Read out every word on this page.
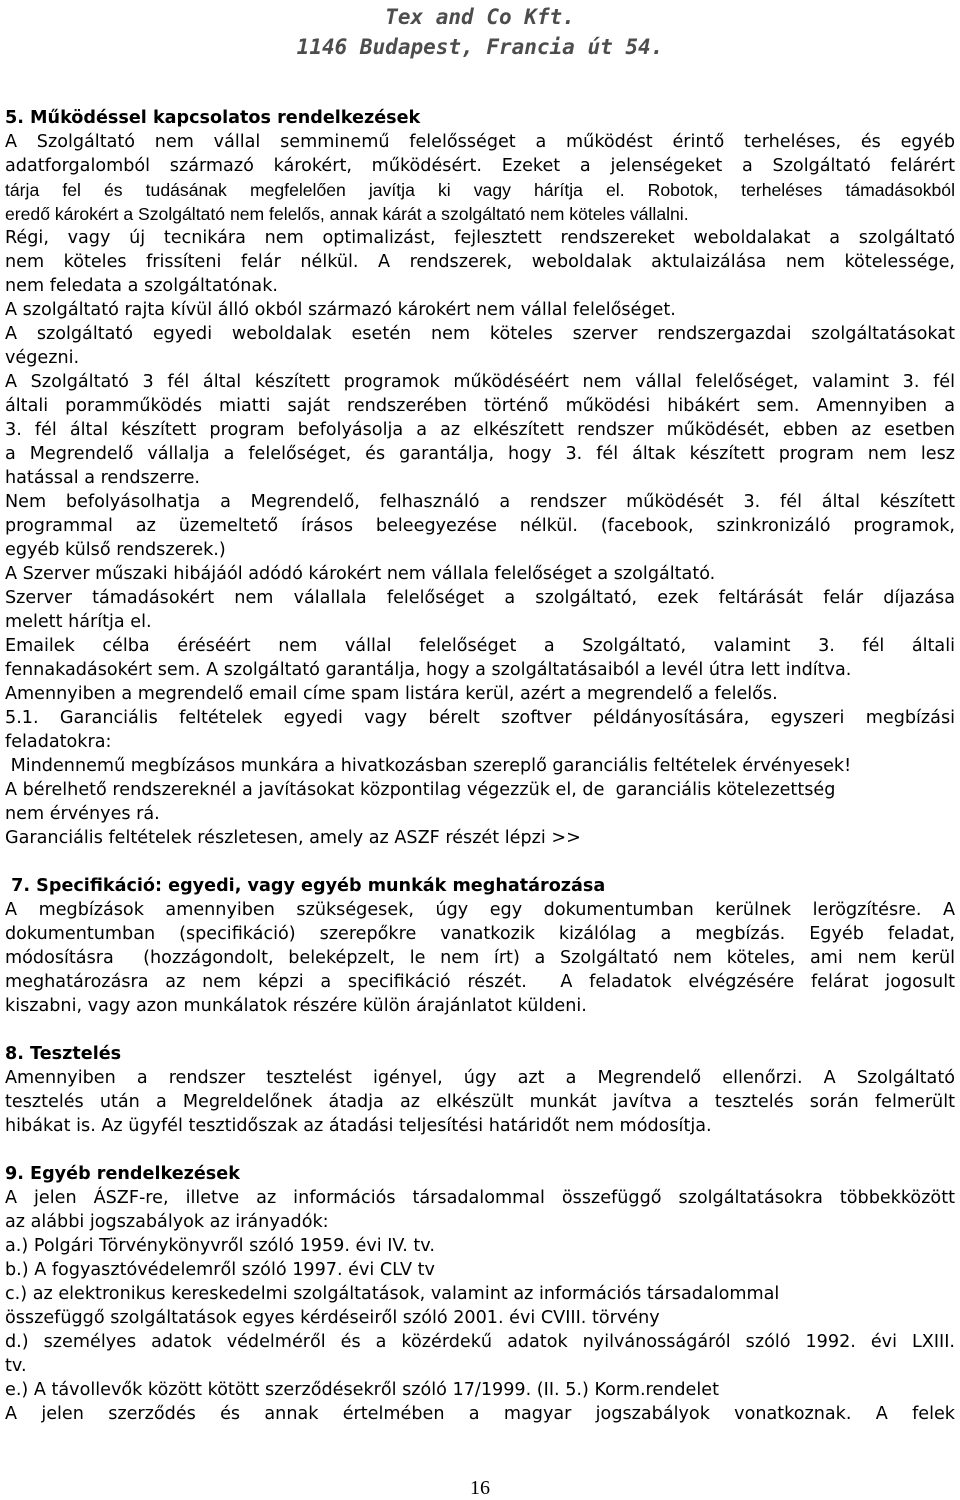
Tex and Co Kft.
1146 Budapest, Francia út 54.
5. Működéssel kapcsolatos rendelkezések
A Szolgáltató nem vállal semminemű felelősséget a működést érintő terheléses, és egyéb
adatforgalomból származó károkért, működésért. Ezeket a jelenségeket a Szolgáltató felárért
tárja fel és tudásának megfelelően javítja ki vagy hárítja el. Robotok, terheléses támadásokból
eredő károkért a Szolgáltató nem felelős, annak kárát a szolgáltató nem köteles vállalni.
Régi, vagy új tecnikára nem optimalizást, fejlesztett rendszereket weboldalakat a szolgáltató
nem köteles frissíteni felár nélkül. A rendszerek, weboldalak aktulaizálása nem kötelessége,
nem feledata a szolgáltatónak.
A szolgáltató rajta kívül álló okból származó károkért nem vállal felelőséget.
A szolgáltató egyedi weboldalak esetén nem köteles szerver rendszergazdai szolgáltatásokat
végezni.
A Szolgáltató 3 fél által készített programok működéséért nem vállal felelőséget, valamint 3. fél
általi poramműködés miatti saját rendszerében történő működési hibákért sem. Amennyiben a
3. fél által készített program befolyásolja a az elkészített rendszer működését, ebben az esetben
a Megrendelő vállalja a felelőséget, és garantálja, hogy 3. fél áltak készített program nem lesz
hatással a rendszerre.
Nem befolyásolhatja a Megrendelő, felhasználó a rendszer működését 3. fél által készített
programmal az üzemeltető írásos beleegyezése nélkül. (facebook, szinkronizáló programok,
egyéb külső rendszerek.)
A Szerver műszaki hibájáól adódó károkért nem vállala felelőséget a szolgáltató.
Szerver támadásokért nem válallala felelőséget a szolgáltató, ezek feltárását felár díjazása
melett hárítja el.
Emailek célba éréséért nem vállal felelőséget a Szolgáltató, valamint 3. fél általi
fennakadásokért sem. A szolgáltató garantálja, hogy a szolgáltatásaiból a levél útra lett indítva.
Amennyiben a megrendelő email címe spam listára kerül, azért a megrendelő a felelős.
5.1. Garanciális feltételek egyedi vagy bérelt szoftver példányosítására, egyszeri megbízási
feladatokra:
Mindennemű megbízásos munkára a hivatkozásban szereplő garanciális feltételek érvényesek!
A bérelhető rendszereknél a javításokat központilag végezzük el, de  garanciális kötelezettség
nem érvényes rá.
Garanciális feltételek részletesen, amely az ASZF részét lépzi >>
7. Specifikáció: egyedi, vagy egyéb munkák meghatározása
A megbízások amennyiben szükségesek, úgy egy dokumentumban kerülnek lerögzítésre. A
dokumentumban (specifikáció) szerepőkre vanatkozik kizálólag a megbízás. Egyéb feladat,
módosításra  (hozzágondolt, beleképzelt, le nem írt) a Szolgáltató nem köteles, ami nem kerül
meghatározásra az nem képzi a specifikáció részét.  A feladatok elvégzésére felárat jogosult
kiszabni, vagy azon munkálatok részére külön árajánlatot küldeni.
8. Tesztelés
Amennyiben a rendszer tesztelést igényel, úgy azt a Megrendelő ellenőrzi. A Szolgáltató
tesztelés után a Megreldelőnek átadja az elkészült munkát javítva a tesztelés során felmerült
hibákat is. Az ügyfél tesztidőszak az átadási teljesítési határidőt nem módosítja.
9. Egyéb rendelkezések
A jelen ÁSZF-re, illetve az információs társadalommal összefüggő szolgáltatásokra többekközött
az alábbi jogszabályok az irányadók:
a.) Polgári Törvénykönyvről szóló 1959. évi IV. tv.
b.) A fogyasztóvédelemről szóló 1997. évi CLV tv
c.) az elektronikus kereskedelmi szolgáltatások, valamint az információs társadalommal
összefüggő szolgáltatások egyes kérdéseiről szóló 2001. évi CVIII. törvény
d.) személyes adatok védelméről és a közérdekű adatok nyilvánosságáról szóló 1992. évi LXIII.
tv.
e.) A távollevők között kötött szerződésekről szóló 17/1999. (II. 5.) Korm.rendelet
A jelen szerződés és annak értelmében a magyar jogszabályok vonatkoznak. A felek
16
